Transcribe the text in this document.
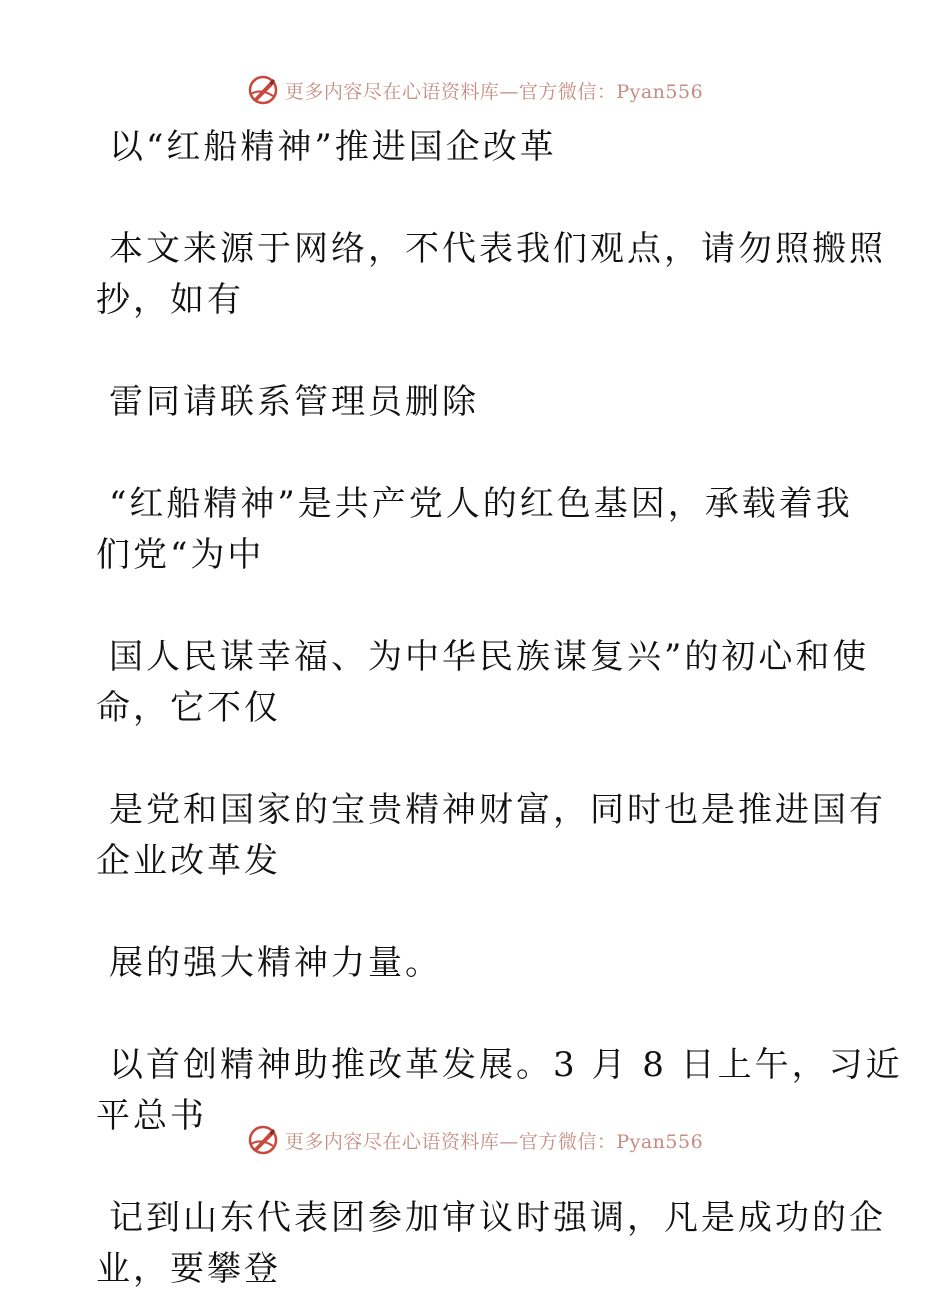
更多内容尽在心语资料库—官方微信：Pyan556
以“红船精神”推进国企改革
本文来源于网络，不代表我们观点，请勿照搬照
抄，如有
雷同请联系管理员删除
“红船精神”是共产党人的红色基因，承载着我
们党“为中
国人民谋幸福、为中华民族谋复兴”的初心和使
命，它不仅
是党和国家的宝贵精神财富，同时也是推进国有
企业改革发
展的强大精神力量。
以首创精神助推改革发展。3 月 8 日上午，习近
平总书
记到山东代表团参加审议时强调，凡是成功的企
业，要攀登
更多内容尽在心语资料库—官方微信：Pyan556
